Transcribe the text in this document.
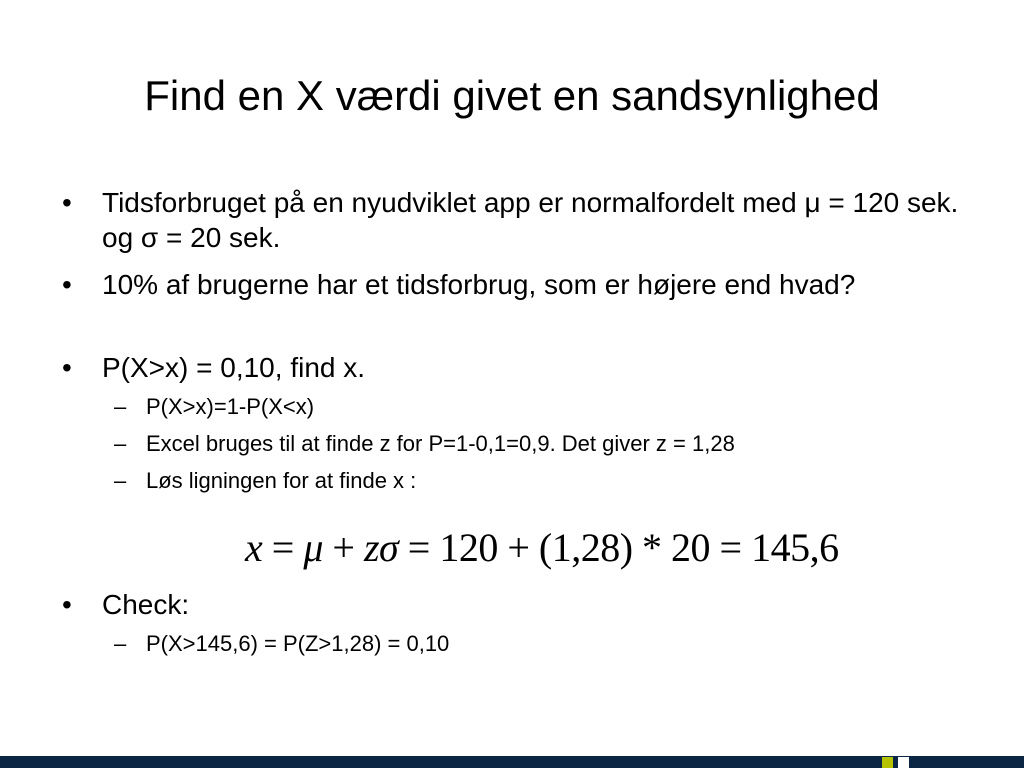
Find en X værdi givet en sandsynlighed
• Tidsforbruget på en nyudviklet app er normalfordelt med μ = 120 sek. og σ = 20 sek.
• 10% af brugerne har et tidsforbrug, som er højere end hvad?
• P(X>x) = 0,10, find x.
– P(X>x)=1-P(X<x)
– Excel bruges til at finde z for P=1-0,1=0,9. Det giver z = 1,28
– Løs ligningen for at finde x :
x = μ + zσ = 120 + (1,28) * 20 = 145,6
• Check:
– P(X>145,6) = P(Z>1,28) = 0,10
